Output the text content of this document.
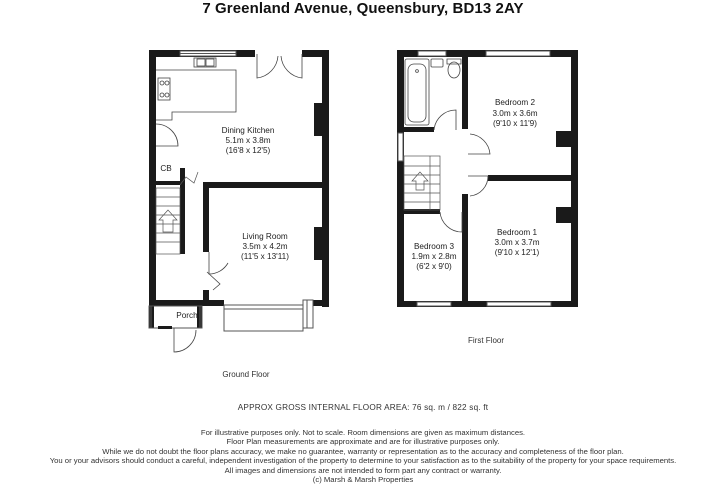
7 Greenland Avenue, Queensbury, BD13 2AY
Dining Kitchen
5.1m x 3.8m
(16'8 x 12'5)
Living Room
3.5m x 4.2m
(11'5 x 13'11)
CB
Porch
Ground Floor
Bedroom 2
3.0m x 3.6m
(9'10 x 11'9)
Bedroom 1
3.0m x 3.7m
(9'10 x 12'1)
Bedroom 3
1.9m x 2.8m
(6'2 x 9'0)
First Floor
APPROX GROSS INTERNAL FLOOR AREA: 76 sq. m / 822 sq. ft
For illustrative purposes only. Not to scale. Room dimensions are given as maximum distances.
Floor Plan measurements are approximate and are for illustrative purposes only.
While we do not doubt the floor plans accuracy, we make no guarantee, warranty or representation as to the accuracy and completeness of the floor plan.
You or your advisors should conduct a careful, independent investigation of the property to determine to your satisfaction as to the suitability of the property for your space requirements.
All images and dimensions are not intended to form part any contract or warranty.
(c) Marsh & Marsh Properties
